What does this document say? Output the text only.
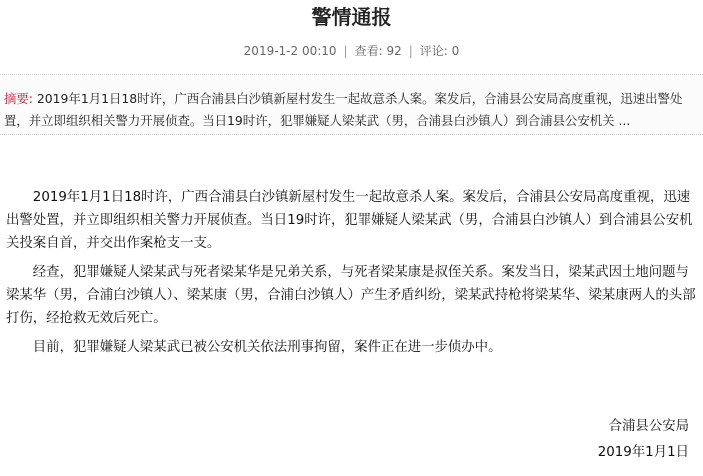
警情通报
2019-1-2 00:10 | 查看: 92 | 评论: 0
摘要: 2019年1月1日18时许，广西合浦县白沙镇新屋村发生一起故意杀人案。案发后，合浦县公安局高度重视，迅速出警处置，并立即组织相关警力开展侦查。当日19时许，犯罪嫌疑人梁某武（男，合浦县白沙镇人）到合浦县公安机关 ...

2019年1月1日18时许，广西合浦县白沙镇新屋村发生一起故意杀人案。案发后，合浦县公安局高度重视，迅速出警处置，并立即组织相关警力开展侦查。当日19时许，犯罪嫌疑人梁某武（男，合浦县白沙镇人）到合浦县公安机关投案自首，并交出作案枪支一支。

经查，犯罪嫌疑人梁某武与死者梁某华是兄弟关系，与死者梁某康是叔侄关系。案发当日，梁某武因土地问题与梁某华（男，合浦白沙镇人）、梁某康（男，合浦白沙镇人）产生矛盾纠纷，梁某武持枪将梁某华、梁某康两人的头部打伤，经抢救无效后死亡。

目前，犯罪嫌疑人梁某武已被公安机关依法刑事拘留，案件正在进一步侦办中。

合浦县公安局
2019年1月1日
